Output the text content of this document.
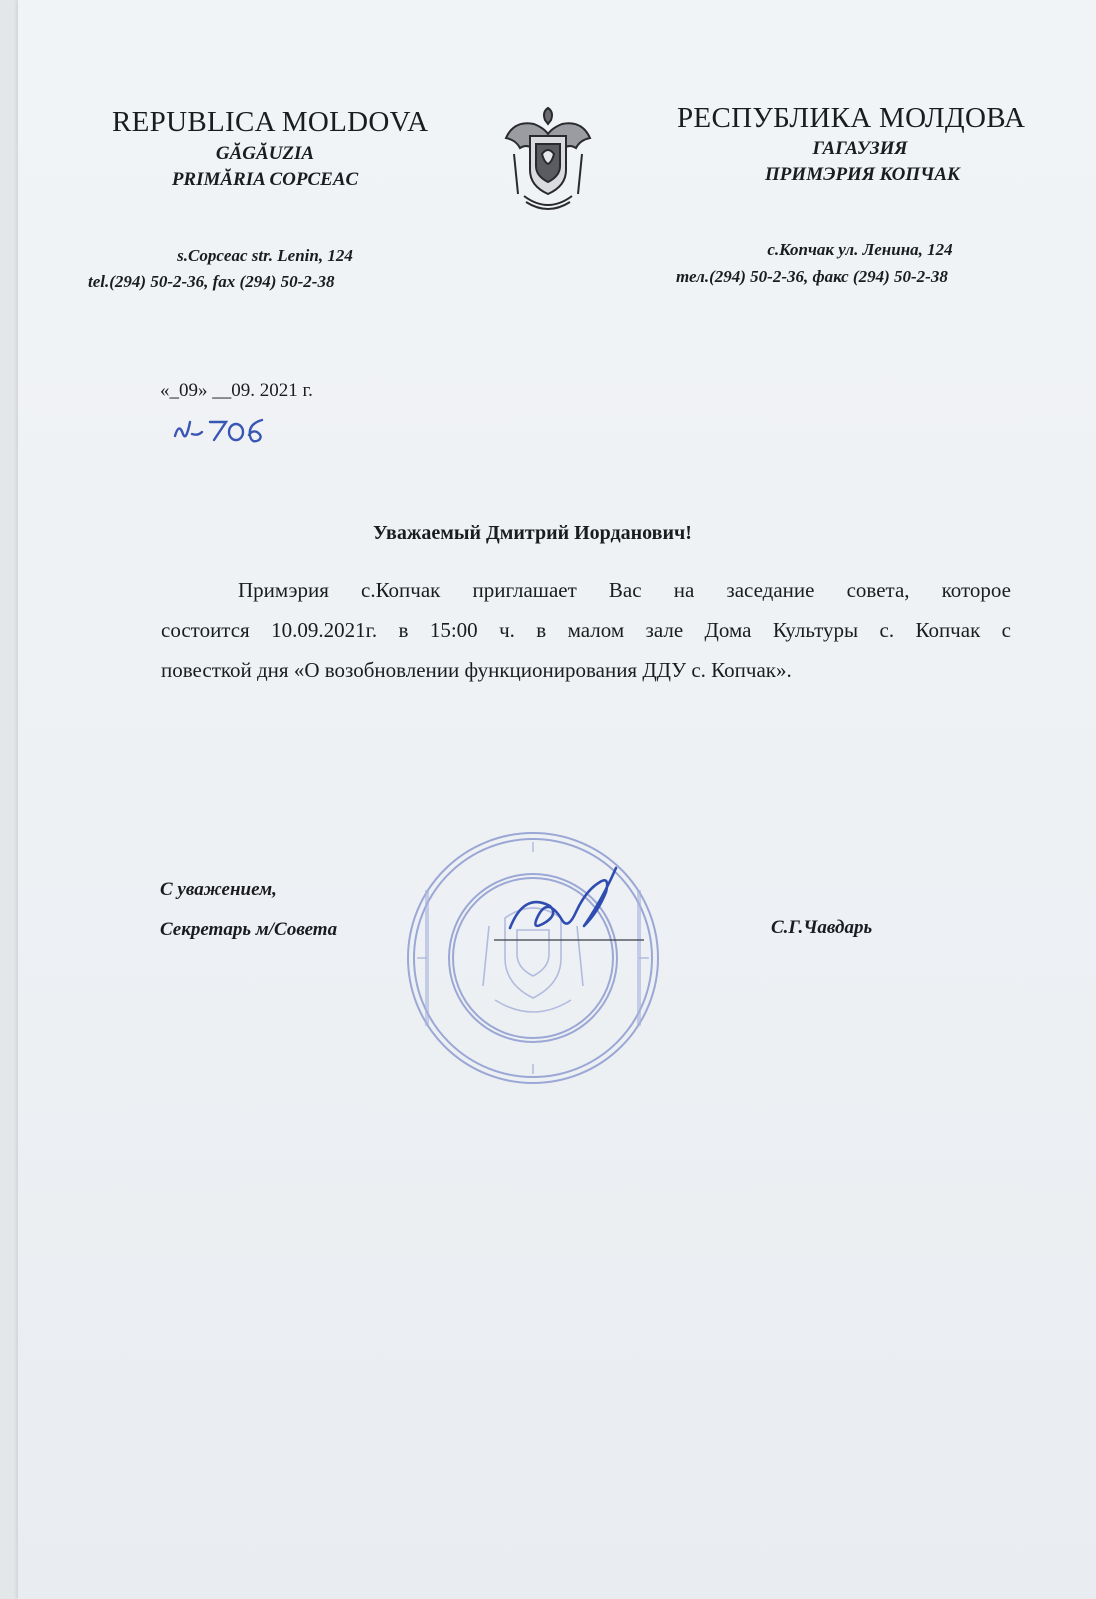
REPUBLICA MOLDOVA
GĂGĂUZIA
PRIMĂRIA COPCEAC
s.Copceac str. Lenin, 124
tel.(294) 50-2-36, fax (294) 50-2-38
РЕСПУБЛИКА МОЛДОВА
ГАГАУЗИЯ
ПРИМЭРИЯ КОПЧАК
с.Копчак ул. Ленина, 124
тел.(294) 50-2-36, факс (294) 50-2-38
«_09» __09. 2021 г.
Уважаемый Дмитрий Иорданович!
Примэрия с.Копчак приглашает Вас на заседание совета, которое
состоится 10.09.2021г. в 15:00 ч. в малом зале Дома Культуры с. Копчак с
повесткой дня «О возобновлении функционирования ДДУ с. Копчак».
С уважением,
Секретарь м/Совета	С.Г.Чавдарь
